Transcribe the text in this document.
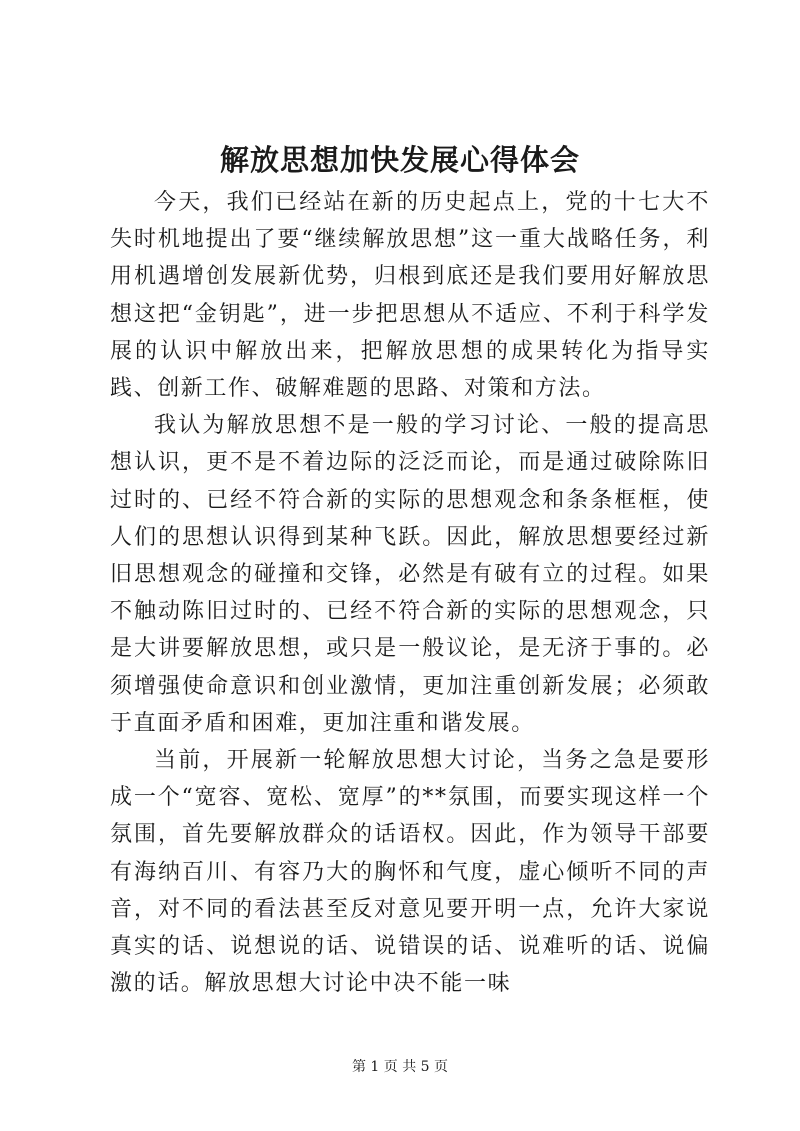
解放思想加快发展心得体会

今天，我们已经站在新的历史起点上，党的十七大不失时机地提出了要“继续解放思想”这一重大战略任务，利用机遇增创发展新优势，归根到底还是我们要用好解放思想这把“金钥匙”，进一步把思想从不适应、不利于科学发展的认识中解放出来，把解放思想的成果转化为指导实践、创新工作、破解难题的思路、对策和方法。

我认为解放思想不是一般的学习讨论、一般的提高思想认识，更不是不着边际的泛泛而论，而是通过破除陈旧过时的、已经不符合新的实际的思想观念和条条框框，使人们的思想认识得到某种飞跃。因此，解放思想要经过新旧思想观念的碰撞和交锋，必然是有破有立的过程。如果不触动陈旧过时的、已经不符合新的实际的思想观念，只是大讲要解放思想，或只是一般议论，是无济于事的。必须增强使命意识和创业激情，更加注重创新发展；必须敢于直面矛盾和困难，更加注重和谐发展。

当前，开展新一轮解放思想大讨论，当务之急是要形成一个“宽容、宽松、宽厚”的**氛围，而要实现这样一个氛围，首先要解放群众的话语权。因此，作为领导干部要有海纳百川、有容乃大的胸怀和气度，虚心倾听不同的声音，对不同的看法甚至反对意见要开明一点，允许大家说真实的话、说想说的话、说错误的话、说难听的话、说偏激的话。解放思想大讨论中决不能一味

第 1 页 共 5 页
